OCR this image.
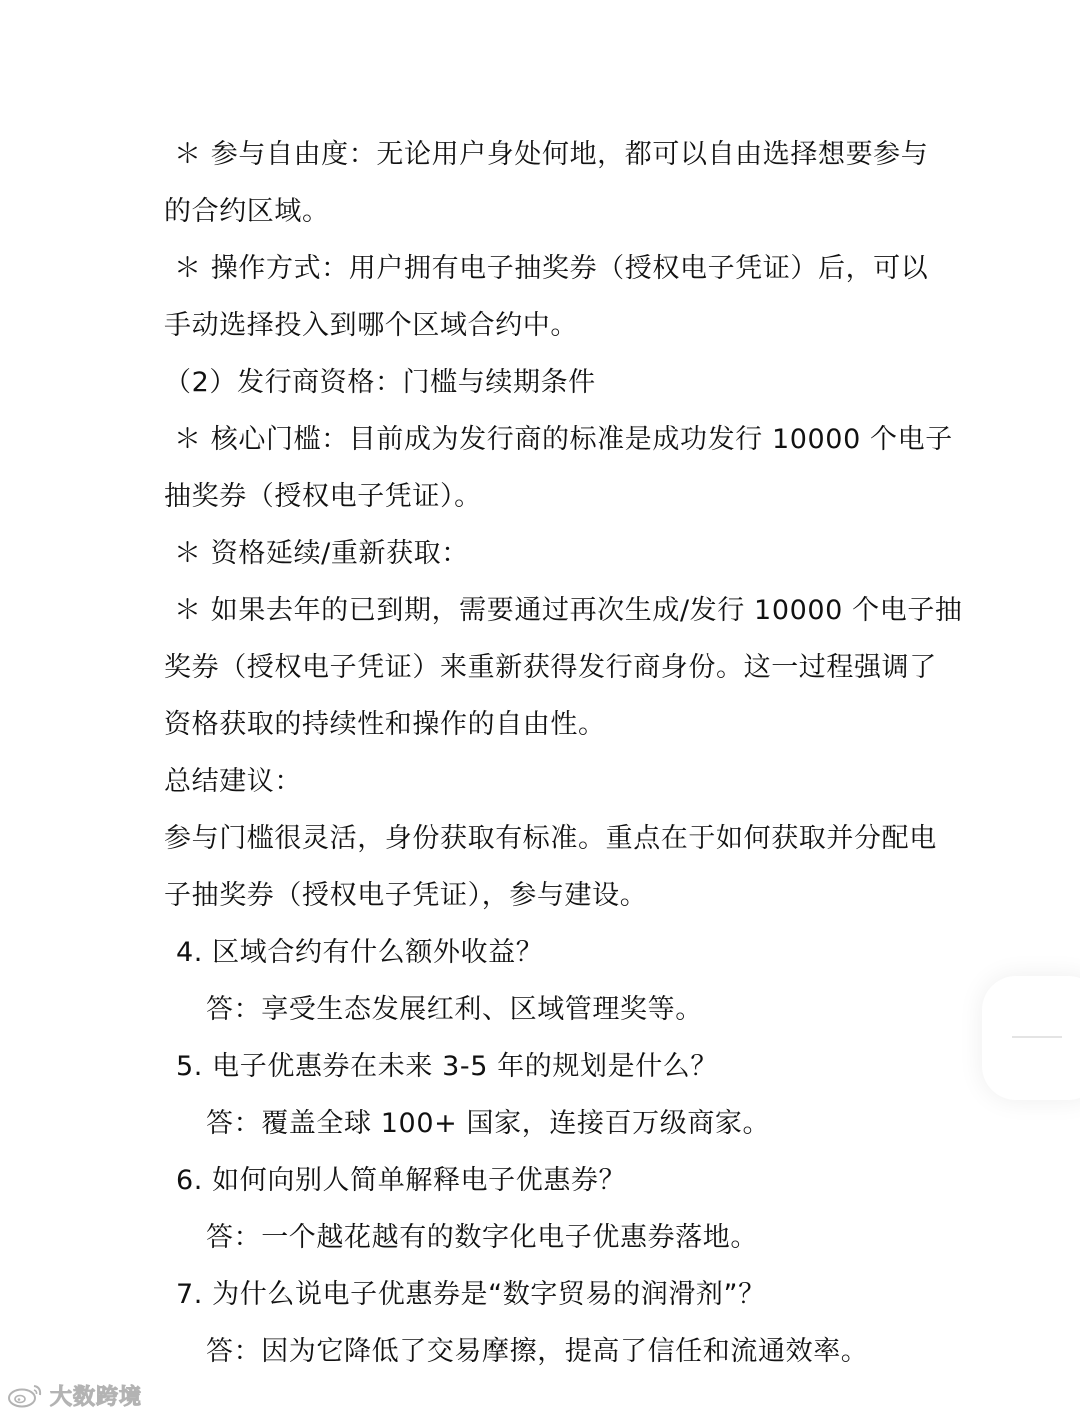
＊ 参与自由度：无论用户身处何地，都可以自由选择想要参与
的合约区域。
＊ 操作方式：用户拥有电子抽奖券（授权电子凭证）后，可以
手动选择投入到哪个区域合约中。
（2）发行商资格：门槛与续期条件
＊ 核心门槛：目前成为发行商的标准是成功发行 10000 个电子
抽奖券（授权电子凭证）。
＊ 资格延续/重新获取：
＊ 如果去年的已到期，需要通过再次生成/发行 10000 个电子抽
奖券（授权电子凭证）来重新获得发行商身份。这一过程强调了
资格获取的持续性和操作的自由性。
总结建议：
参与门槛很灵活，身份获取有标准。重点在于如何获取并分配电
子抽奖券（授权电子凭证），参与建设。
4. 区域合约有什么额外收益？
答：享受生态发展红利、区域管理奖等。
5. 电子优惠券在未来 3-5 年的规划是什么？
答：覆盖全球 100+ 国家，连接百万级商家。
6. 如何向别人简单解释电子优惠券？
答：一个越花越有的数字化电子优惠券落地。
7. 为什么说电子优惠券是“数字贸易的润滑剂”？
答：因为它降低了交易摩擦，提高了信任和流通效率。
大数跨境
